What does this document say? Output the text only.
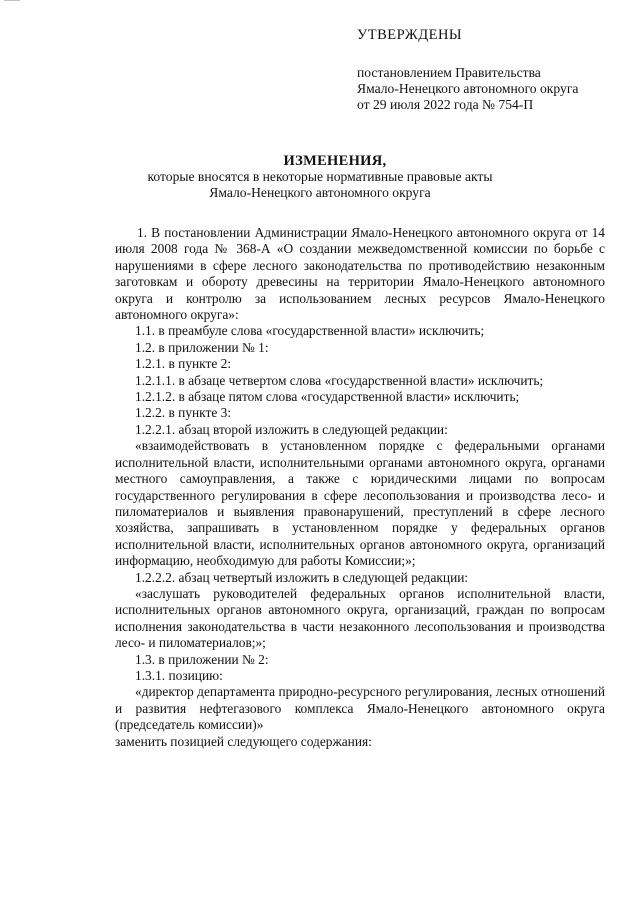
УТВЕРЖДЕНЫ
постановлением Правительства
Ямало-Ненецкого автономного округа
от 29 июля 2022 года № 754-П
ИЗМЕНЕНИЯ,
которые вносятся в некоторые нормативные правовые акты
Ямало-Ненецкого автономного округа

1. В постановлении Администрации Ямало-Ненецкого автономного округа от 14 июля 2008 года № 368-А «О создании межведомственной комиссии по борьбе с нарушениями в сфере лесного законодательства по противодействию незаконным заготовкам и обороту древесины на территории Ямало-Ненецкого автономного округа и контролю за использованием лесных ресурсов Ямало-Ненецкого автономного округа»:

1.1. в преамбуле слова «государственной власти» исключить;

1.2. в приложении № 1:

1.2.1. в пункте 2:

1.2.1.1. в абзаце четвертом слова «государственной власти» исключить;

1.2.1.2. в абзаце пятом слова «государственной власти» исключить;

1.2.2. в пункте 3:

1.2.2.1. абзац второй изложить в следующей редакции:

«взаимодействовать в установленном порядке с федеральными органами исполнительной власти, исполнительными органами автономного округа, органами местного самоуправления, а также с юридическими лицами по вопросам государственного регулирования в сфере лесопользования и производства лесо- и пиломатериалов и выявления правонарушений, преступлений в сфере лесного хозяйства, запрашивать в установленном порядке у федеральных органов исполнительной власти, исполнительных органов автономного округа, организаций информацию, необходимую для работы Комиссии;»;

1.2.2.2. абзац четвертый изложить в следующей редакции:

«заслушать руководителей федеральных органов исполнительной власти, исполнительных органов автономного округа, организаций, граждан по вопросам исполнения законодательства в части незаконного лесопользования и производства лесо- и пиломатериалов;»;

1.3. в приложении № 2:

1.3.1. позицию:

«директор департамента природно-ресурсного регулирования, лесных отношений и развития нефтегазового комплекса Ямало-Ненецкого автономного округа (председатель комиссии)»

заменить позицией следующего содержания:
